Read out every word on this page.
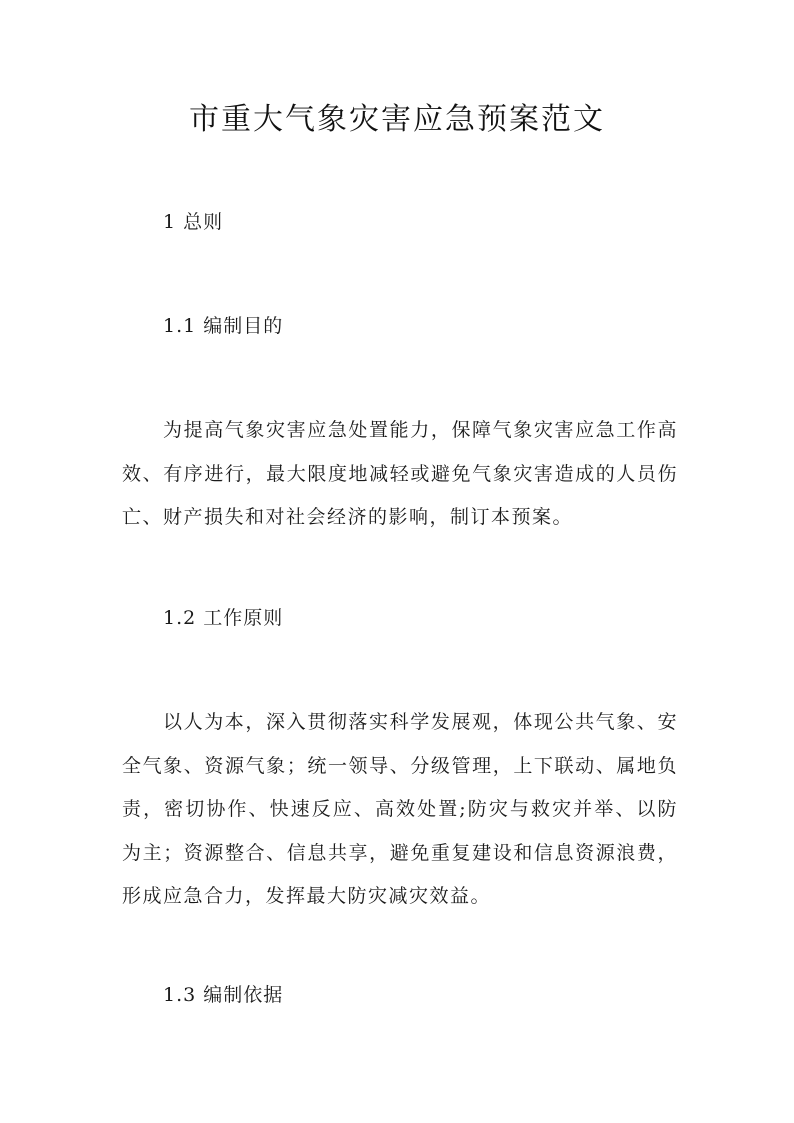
市重大气象灾害应急预案范文
1 总则
1.1 编制目的
为提高气象灾害应急处置能力，保障气象灾害应急工作高效、有序进行，最大限度地减轻或避免气象灾害造成的人员伤亡、财产损失和对社会经济的影响，制订本预案。
1.2 工作原则
以人为本，深入贯彻落实科学发展观，体现公共气象、安全气象、资源气象；统一领导、分级管理，上下联动、属地负责，密切协作、快速反应、高效处置;防灾与救灾并举、以防为主；资源整合、信息共享，避免重复建设和信息资源浪费，形成应急合力，发挥最大防灾减灾效益。
1.3 编制依据
